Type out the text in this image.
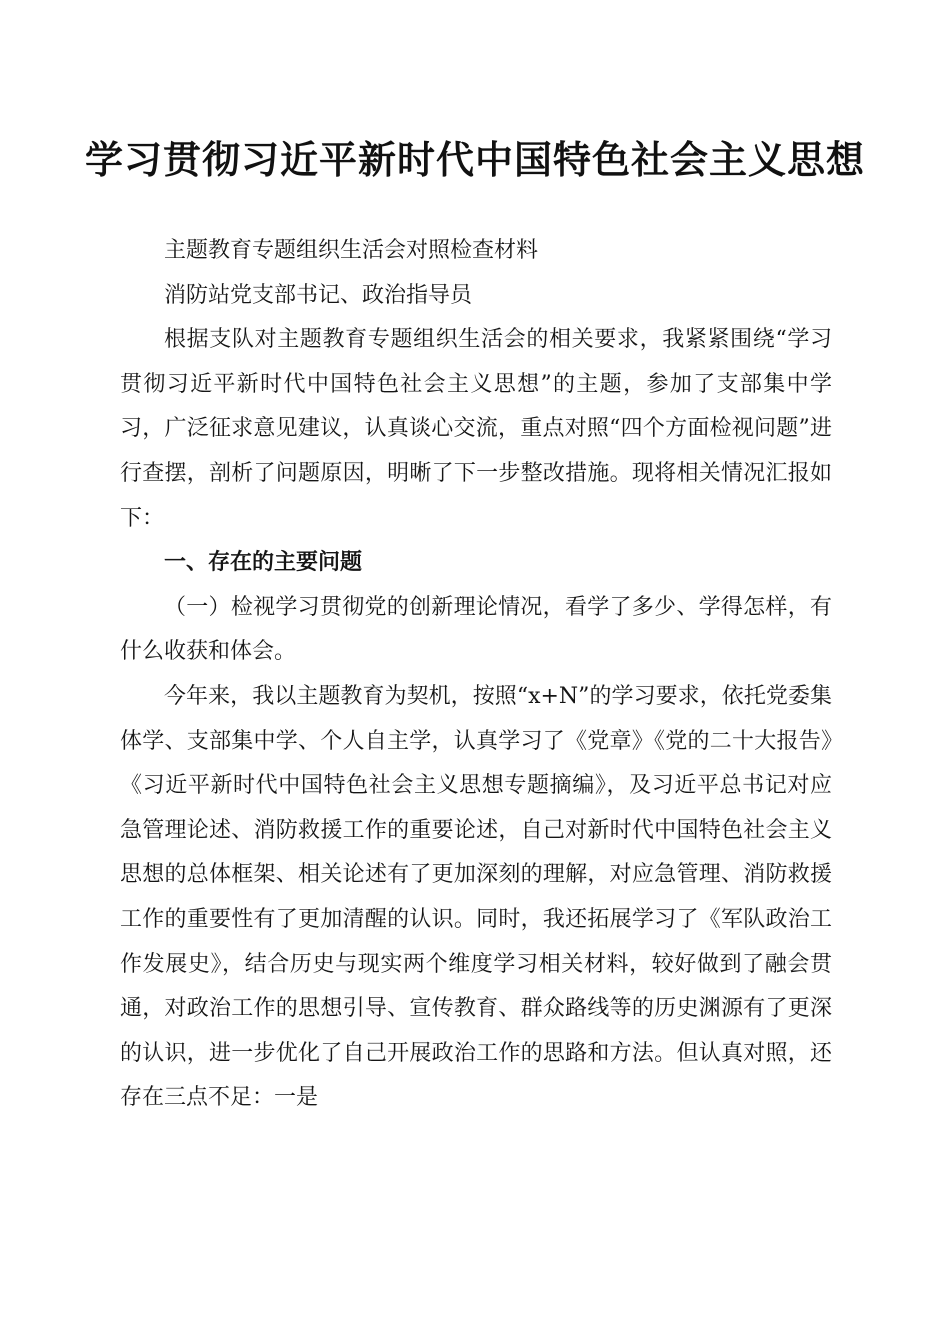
学习贯彻习近平新时代中国特色社会主义思想

主题教育专题组织生活会对照检查材料

消防站党支部书记、政治指导员

根据支队对主题教育专题组织生活会的相关要求，我紧紧围绕“学习贯彻习近平新时代中国特色社会主义思想”的主题，参加了支部集中学习，广泛征求意见建议，认真谈心交流，重点对照“四个方面检视问题”进行查摆，剖析了问题原因，明晰了下一步整改措施。现将相关情况汇报如下：

一、存在的主要问题

（一）检视学习贯彻党的创新理论情况，看学了多少、学得怎样，有什么收获和体会。

今年来，我以主题教育为契机，按照“x+N”的学习要求，依托党委集体学、支部集中学、个人自主学，认真学习了《党章》《党的二十大报告》《习近平新时代中国特色社会主义思想专题摘编》，及习近平总书记对应急管理论述、消防救援工作的重要论述，自己对新时代中国特色社会主义思想的总体框架、相关论述有了更加深刻的理解，对应急管理、消防救援工作的重要性有了更加清醒的认识。同时，我还拓展学习了《军队政治工作发展史》，结合历史与现实两个维度学习相关材料，较好做到了融会贯通，对政治工作的思想引导、宣传教育、群众路线等的历史渊源有了更深的认识，进一步优化了自己开展政治工作的思路和方法。但认真对照，还存在三点不足：一是
